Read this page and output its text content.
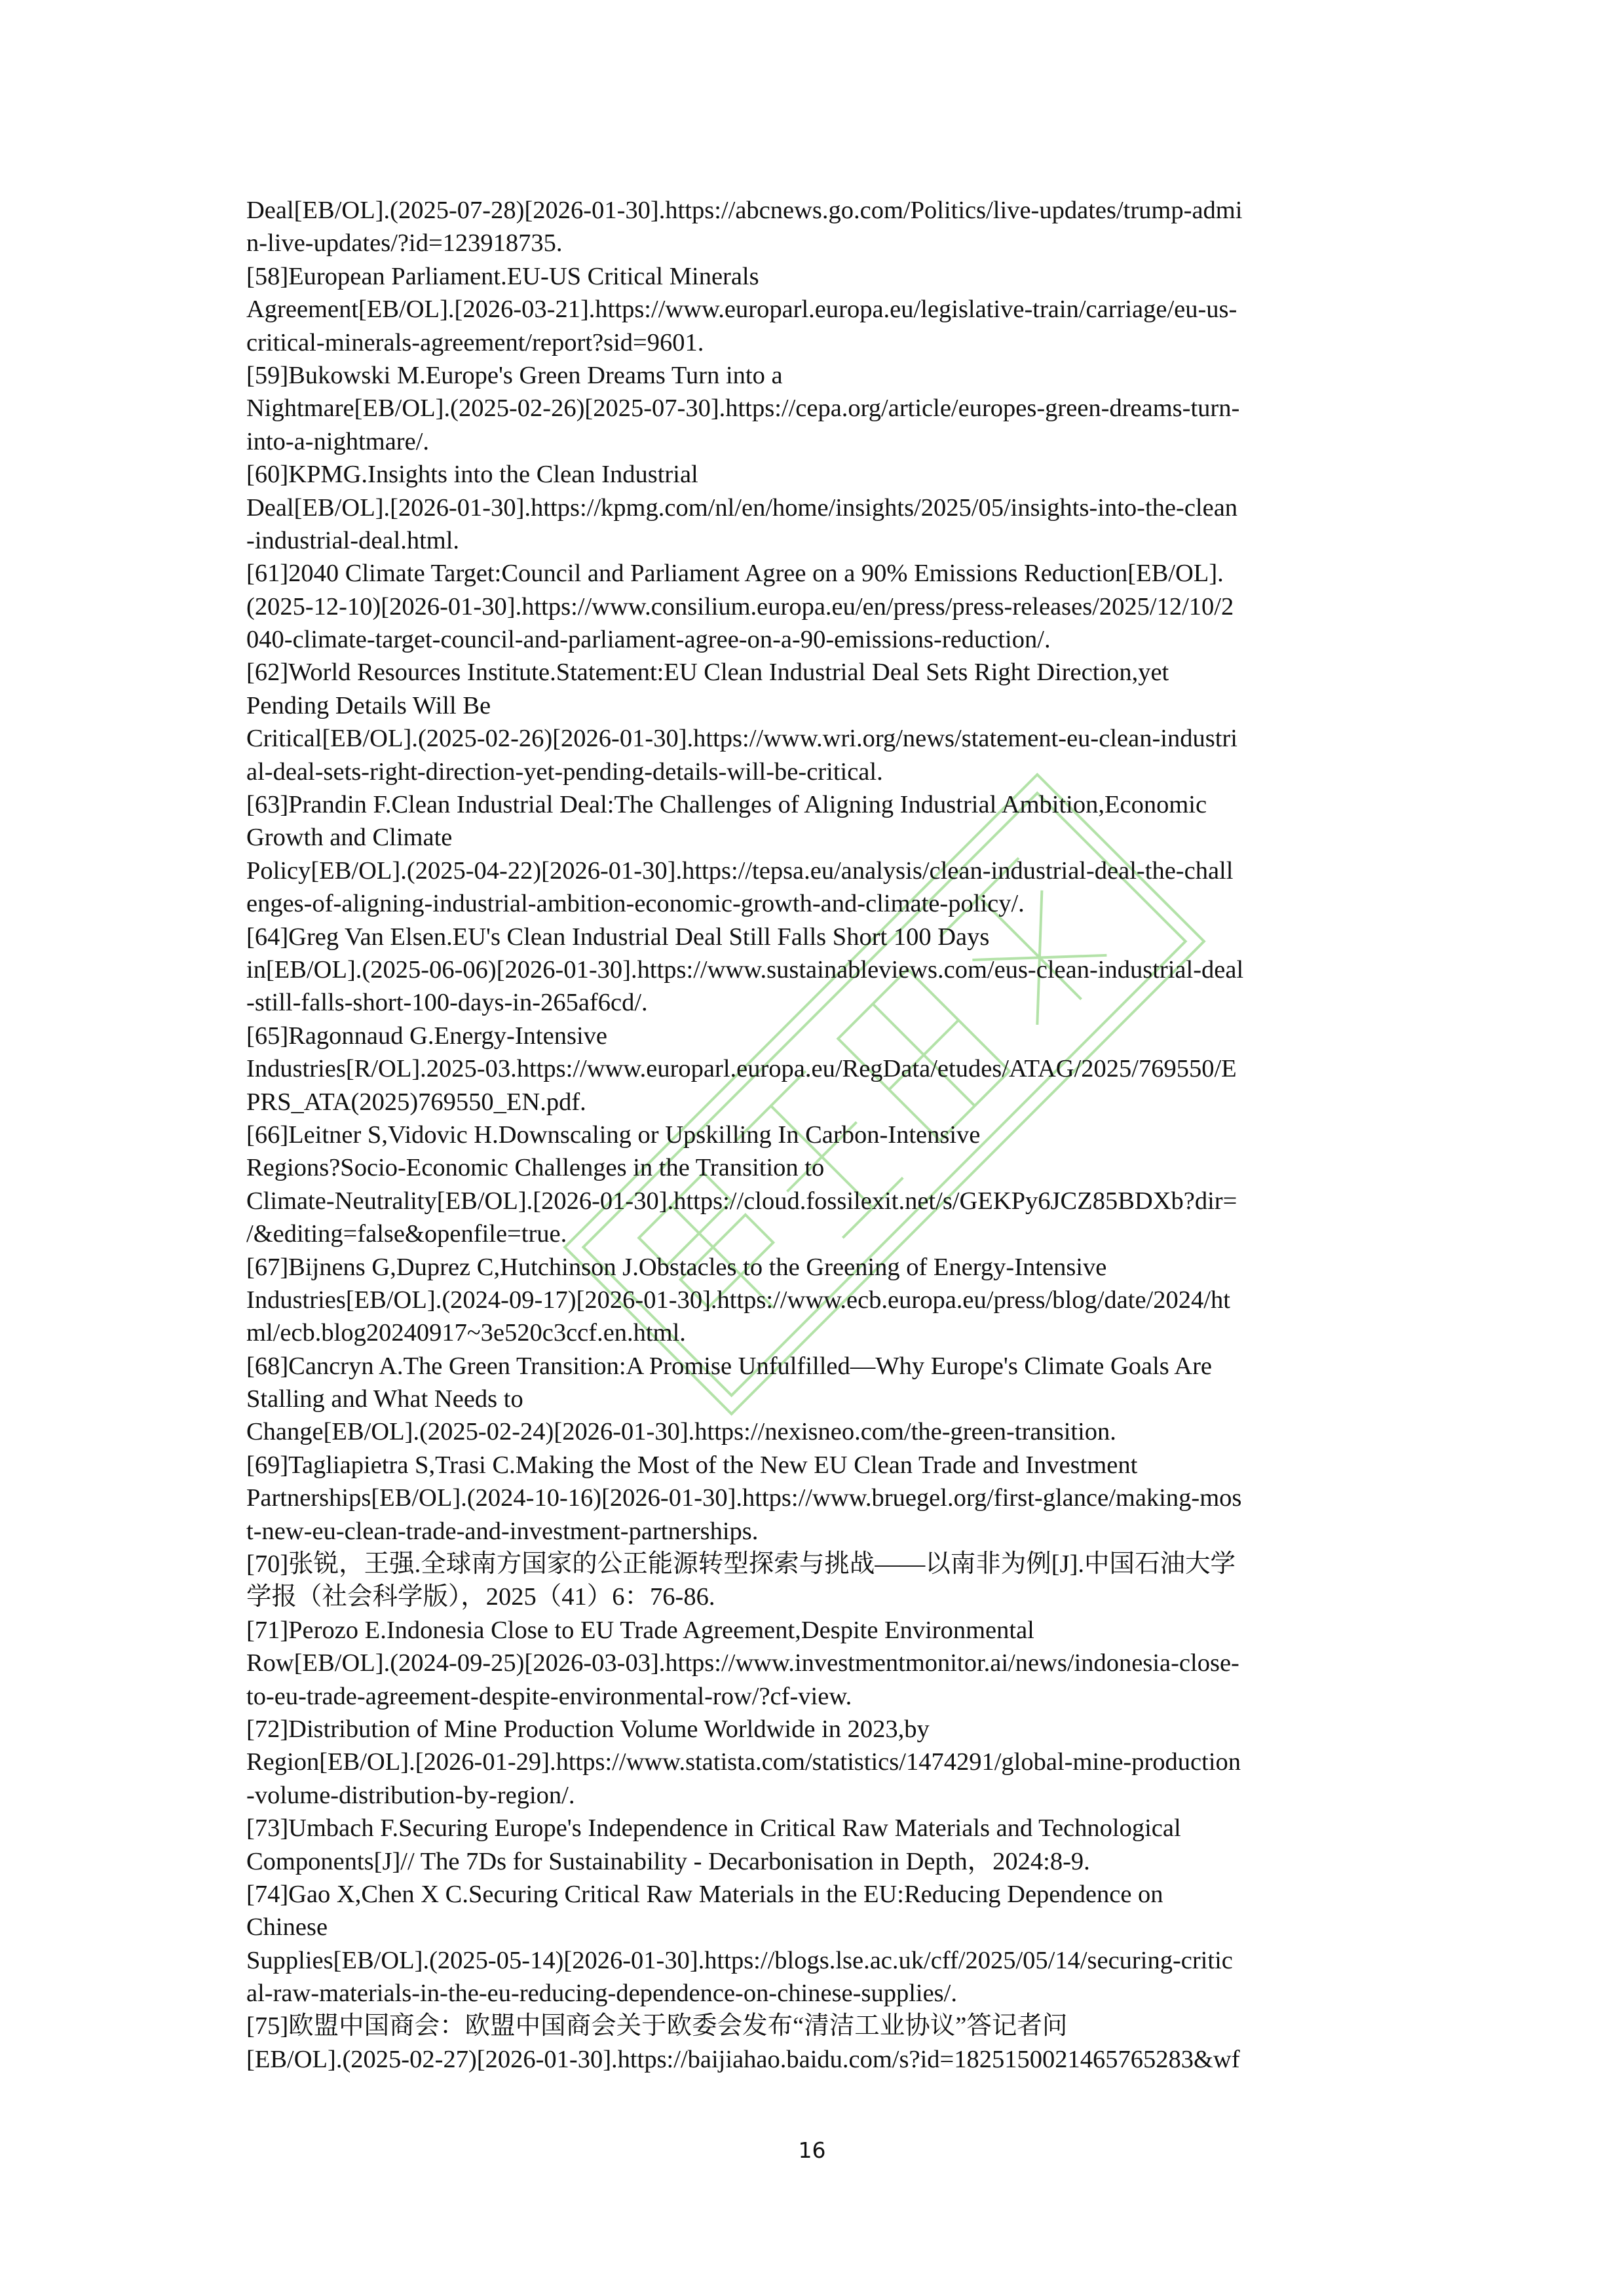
Deal[EB/OL].(2025-07-28)[2026-01-30].https://abcnews.go.com/Politics/live-updates/trump-admi
n-live-updates/?id=123918735.
[58]European Parliament.EU-US Critical Minerals
Agreement[EB/OL].[2026-03-21].https://www.europarl.europa.eu/legislative-train/carriage/eu-us-
critical-minerals-agreement/report?sid=9601.
[59]Bukowski M.Europe's Green Dreams Turn into a
Nightmare[EB/OL].(2025-02-26)[2025-07-30].https://cepa.org/article/europes-green-dreams-turn-
into-a-nightmare/.
[60]KPMG.Insights into the Clean Industrial
Deal[EB/OL].[2026-01-30].https://kpmg.com/nl/en/home/insights/2025/05/insights-into-the-clean
-industrial-deal.html.
[61]2040 Climate Target:Council and Parliament Agree on a 90% Emissions Reduction[EB/OL].
(2025-12-10)[2026-01-30].https://www.consilium.europa.eu/en/press/press-releases/2025/12/10/2
040-climate-target-council-and-parliament-agree-on-a-90-emissions-reduction/.
[62]World Resources Institute.Statement:EU Clean Industrial Deal Sets Right Direction,yet
Pending Details Will Be
Critical[EB/OL].(2025-02-26)[2026-01-30].https://www.wri.org/news/statement-eu-clean-industri
al-deal-sets-right-direction-yet-pending-details-will-be-critical.
[63]Prandin F.Clean Industrial Deal:The Challenges of Aligning Industrial Ambition,Economic
Growth and Climate
Policy[EB/OL].(2025-04-22)[2026-01-30].https://tepsa.eu/analysis/clean-industrial-deal-the-chall
enges-of-aligning-industrial-ambition-economic-growth-and-climate-policy/.
[64]Greg Van Elsen.EU's Clean Industrial Deal Still Falls Short 100 Days
in[EB/OL].(2025-06-06)[2026-01-30].https://www.sustainableviews.com/eus-clean-industrial-deal
-still-falls-short-100-days-in-265af6cd/.
[65]Ragonnaud G.Energy-Intensive
Industries[R/OL].2025-03.https://www.europarl.europa.eu/RegData/etudes/ATAG/2025/769550/E
PRS_ATA(2025)769550_EN.pdf.
[66]Leitner S,Vidovic H.Downscaling or Upskilling In Carbon-Intensive
Regions?Socio-Economic Challenges in the Transition to
Climate-Neutrality[EB/OL].[2026-01-30].https://cloud.fossilexit.net/s/GEKPy6JCZ85BDXb?dir=
/&editing=false&openfile=true.
[67]Bijnens G,Duprez C,Hutchinson J.Obstacles to the Greening of Energy-Intensive
Industries[EB/OL].(2024-09-17)[2026-01-30].https://www.ecb.europa.eu/press/blog/date/2024/ht
ml/ecb.blog20240917~3e520c3ccf.en.html.
[68]Cancryn A.The Green Transition:A Promise Unfulfilled—Why Europe's Climate Goals Are
Stalling and What Needs to
Change[EB/OL].(2025-02-24)[2026-01-30].https://nexisneo.com/the-green-transition.
[69]Tagliapietra S,Trasi C.Making the Most of the New EU Clean Trade and Investment
Partnerships[EB/OL].(2024-10-16)[2026-01-30].https://www.bruegel.org/first-glance/making-mos
t-new-eu-clean-trade-and-investment-partnerships.
[70]张锐，王强.全球南方国家的公正能源转型探索与挑战——以南非为例[J].中国石油大学
学报（社会科学版），2025（41）6：76-86.
[71]Perozo E.Indonesia Close to EU Trade Agreement,Despite Environmental
Row[EB/OL].(2024-09-25)[2026-03-03].https://www.investmentmonitor.ai/news/indonesia-close-
to-eu-trade-agreement-despite-environmental-row/?cf-view.
[72]Distribution of Mine Production Volume Worldwide in 2023,by
Region[EB/OL].[2026-01-29].https://www.statista.com/statistics/1474291/global-mine-production
-volume-distribution-by-region/.
[73]Umbach F.Securing Europe's Independence in Critical Raw Materials and Technological
Components[J]// The 7Ds for Sustainability - Decarbonisation in Depth，2024:8-9.
[74]Gao X,Chen X C.Securing Critical Raw Materials in the EU:Reducing Dependence on
Chinese
Supplies[EB/OL].(2025-05-14)[2026-01-30].https://blogs.lse.ac.uk/cff/2025/05/14/securing-critic
al-raw-materials-in-the-eu-reducing-dependence-on-chinese-supplies/.
[75]欧盟中国商会：欧盟中国商会关于欧委会发布“清洁工业协议”答记者问
[EB/OL].(2025-02-27)[2026-01-30].https://baijiahao.baidu.com/s?id=1825150021465765283&wf
16
